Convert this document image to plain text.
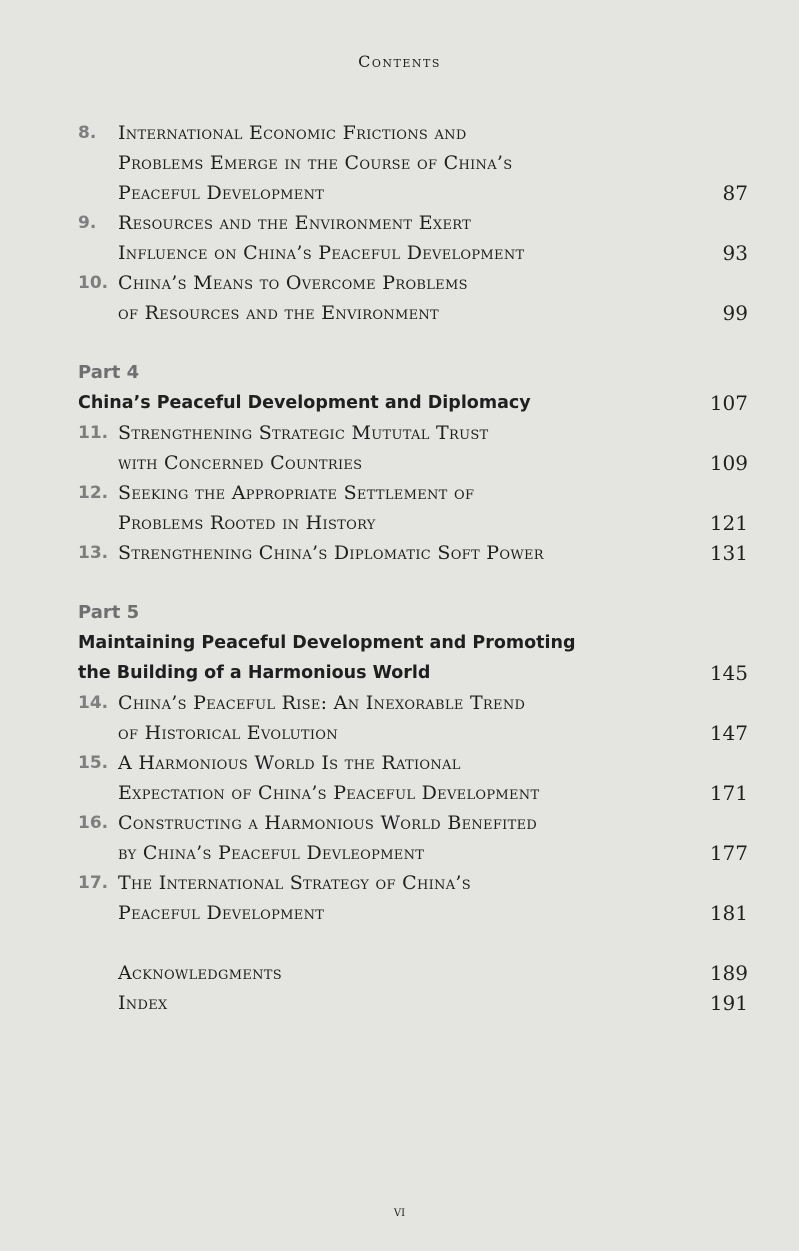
Contents
8. International Economic Frictions and
Problems Emerge in the Course of China’s
Peaceful Development	87
9. Resources and the Environment Exert
Influence on China’s Peaceful Development	93
10. China’s Means to Overcome Problems
of Resources and the Environment	99
Part 4
China’s Peaceful Development and Diplomacy	107
11. Strengthening Strategic Mututal Trust
with Concerned Countries	109
12. Seeking the Appropriate Settlement of
Problems Rooted in History	121
13. Strengthening China’s Diplomatic Soft Power	131
Part 5
Maintaining Peaceful Development and Promoting
the Building of a Harmonious World	145
14. China’s Peaceful Rise: An Inexorable Trend
of Historical Evolution	147
15. A Harmonious World Is the Rational
Expectation of China’s Peaceful Development	171
16. Constructing a Harmonious World Benefited
by China’s Peaceful Devleopment	177
17. The International Strategy of China’s
Peaceful Development	181
Acknowledgments	189
Index	191
vi
